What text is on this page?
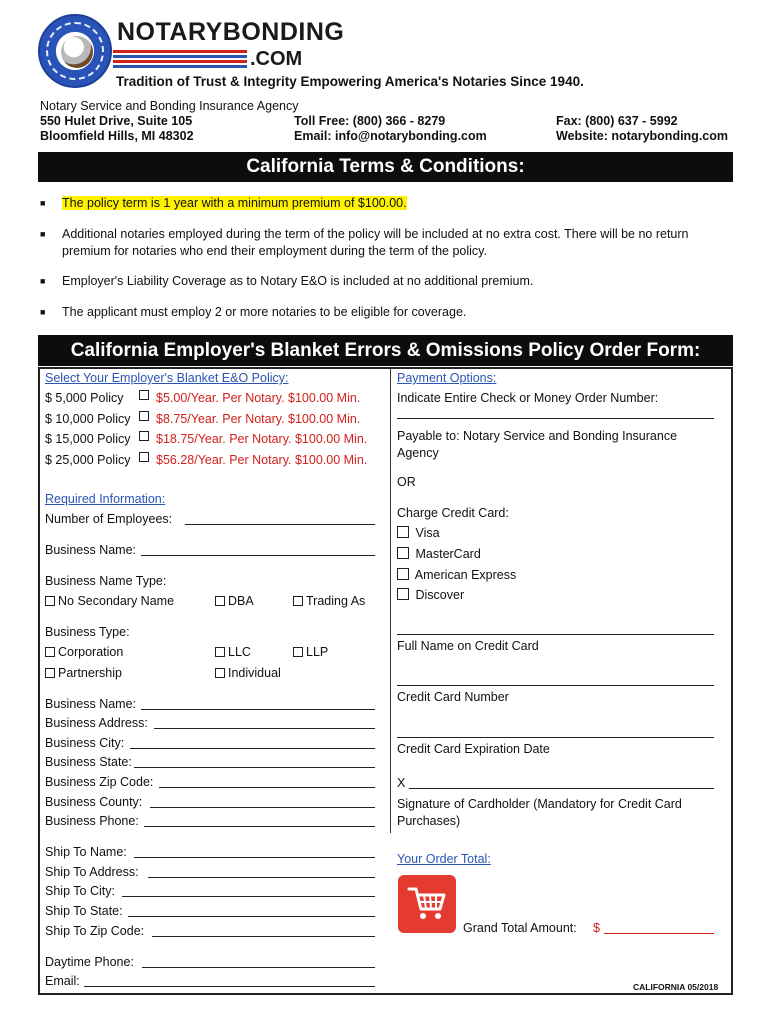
NOTARYBONDING
.COM
Tradition of Trust & Integrity Empowering America's Notaries Since 1940.
Notary Service and Bonding Insurance Agency
550 Hulet Drive, Suite 105
Bloomfield Hills, MI 48302
Toll Free: (800) 366 - 8279
Email: info@notarybonding.com
Fax: (800) 637 - 5992
Website: notarybonding.com
California Terms & Conditions:
■ The policy term is 1 year with a minimum premium of $100.00.
■ Additional notaries employed during the term of the policy will be included at no extra cost. There will be no return premium for notaries who end their employment during the term of the policy.
■ Employer's Liability Coverage as to Notary E&O is included at no additional premium.
■ The applicant must employ 2 or more notaries to be eligible for coverage.
California Employer's Blanket Errors & Omissions Policy Order Form:
Select Your Employer's Blanket E&O Policy:
$ 5,000 Policy	$5.00/Year. Per Notary. $100.00 Min.
$ 10,000 Policy $8.75/Year. Per Notary. $100.00 Min.
$ 15,000 Policy $18.75/Year. Per Notary. $100.00 Min.
$ 25,000 Policy $56.28/Year. Per Notary. $100.00 Min.
Required Information:
Number of Employees:
Business Name:
Business Name Type:
No Secondary Name	DBA	Trading As
Business Type:
Corporation	LLC	LLP
Partnership	Individual
Business Name:
Business Address:
Business City:
Business State:
Business Zip Code:
Business County:
Business Phone:
Ship To Name:
Ship To Address:
Ship To City:
Ship To State:
Ship To Zip Code:
Daytime Phone:
Email:
Payment Options:
Indicate Entire Check or Money Order Number:
Payable to: Notary Service and Bonding Insurance Agency
OR
Charge Credit Card:
Visa
MasterCard
American Express
Discover
Full Name on Credit Card
Credit Card Number
Credit Card Expiration Date
X
Signature of Cardholder (Mandatory for Credit Card Purchases)
Your Order Total:
Grand Total Amount: $
CALIFORNIA 05/2018
